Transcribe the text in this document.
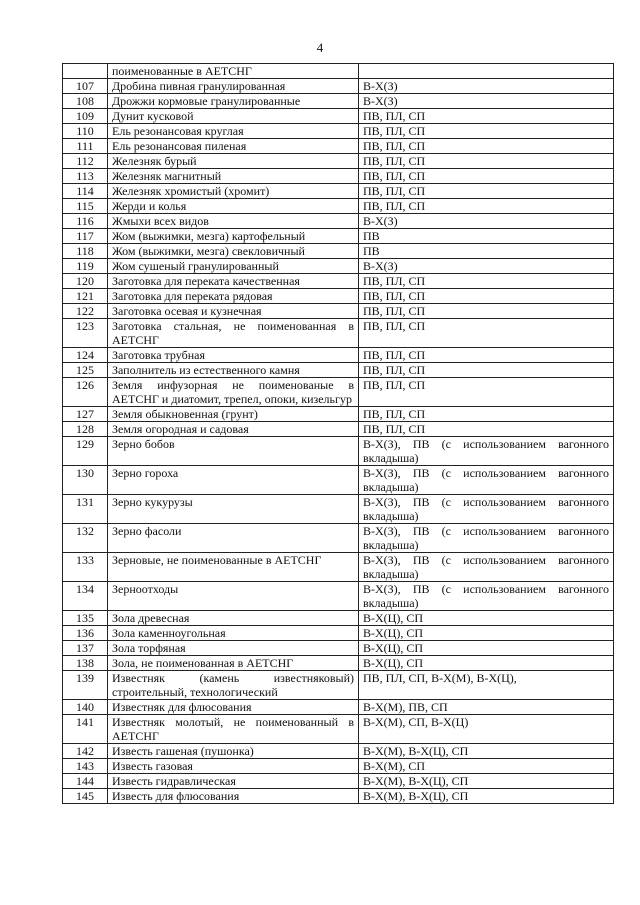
4
	поименованные в АЕТСНГ	
107	Дробина пивная гранулированная	В-Х(З)
108	Дрожжи кормовые гранулированные	В-Х(З)
109	Дунит кусковой	ПВ, ПЛ, СП
110	Ель резонансовая круглая	ПВ, ПЛ, СП
111	Ель резонансовая пиленая	ПВ, ПЛ, СП
112	Железняк бурый	ПВ, ПЛ, СП
113	Железняк магнитный	ПВ, ПЛ, СП
114	Железняк хромистый (хромит)	ПВ, ПЛ, СП
115	Жерди и колья	ПВ, ПЛ, СП
116	Жмыхи всех видов	В-Х(З)
117	Жом (выжимки, мезга) картофельный	ПВ
118	Жом (выжимки, мезга) свекловичный	ПВ
119	Жом сушеный гранулированный	В-Х(З)
120	Заготовка для переката качественная	ПВ, ПЛ, СП
121	Заготовка для переката рядовая	ПВ, ПЛ, СП
122	Заготовка осевая и кузнечная	ПВ, ПЛ, СП
123	Заготовка стальная, не поименованная в АЕТСНГ	ПВ, ПЛ, СП
124	Заготовка трубная	ПВ, ПЛ, СП
125	Заполнитель из естественного камня	ПВ, ПЛ, СП
126	Земля инфузорная не поименованые в АЕТСНГ и диатомит, трепел, опоки, кизельгур	ПВ, ПЛ, СП
127	Земля обыкновенная (грунт)	ПВ, ПЛ, СП
128	Земля огородная и садовая	ПВ, ПЛ, СП
129	Зерно бобов	В-Х(З), ПВ (с использованием вагонного вкладыша)
130	Зерно гороха	В-Х(З), ПВ (с использованием вагонного вкладыша)
131	Зерно кукурузы	В-Х(З), ПВ (с использованием вагонного вкладыша)
132	Зерно фасоли	В-Х(З), ПВ (с использованием вагонного вкладыша)
133	Зерновые, не поименованные в АЕТСНГ	В-Х(З), ПВ (с использованием вагонного вкладыша)
134	Зерноотходы	В-Х(З), ПВ (с использованием вагонного вкладыша)
135	Зола древесная	В-Х(Ц), СП
136	Зола каменноугольная	В-Х(Ц), СП
137	Зола торфяная	В-Х(Ц), СП
138	Зола, не поименованная в АЕТСНГ	В-Х(Ц), СП
139	Известняк (камень известняковый) строительный, технологический	ПВ, ПЛ, СП, В-Х(М), В-Х(Ц),
140	Известняк для флюсования	В-Х(М), ПВ, СП
141	Известняк молотый, не поименованный в АЕТСНГ	В-Х(М), СП, В-Х(Ц)
142	Известь гашеная (пушонка)	В-Х(М), В-Х(Ц), СП
143	Известь газовая	В-Х(М), СП
144	Известь гидравлическая	В-Х(М), В-Х(Ц), СП
145	Известь для флюсования	В-Х(М), В-Х(Ц), СП
